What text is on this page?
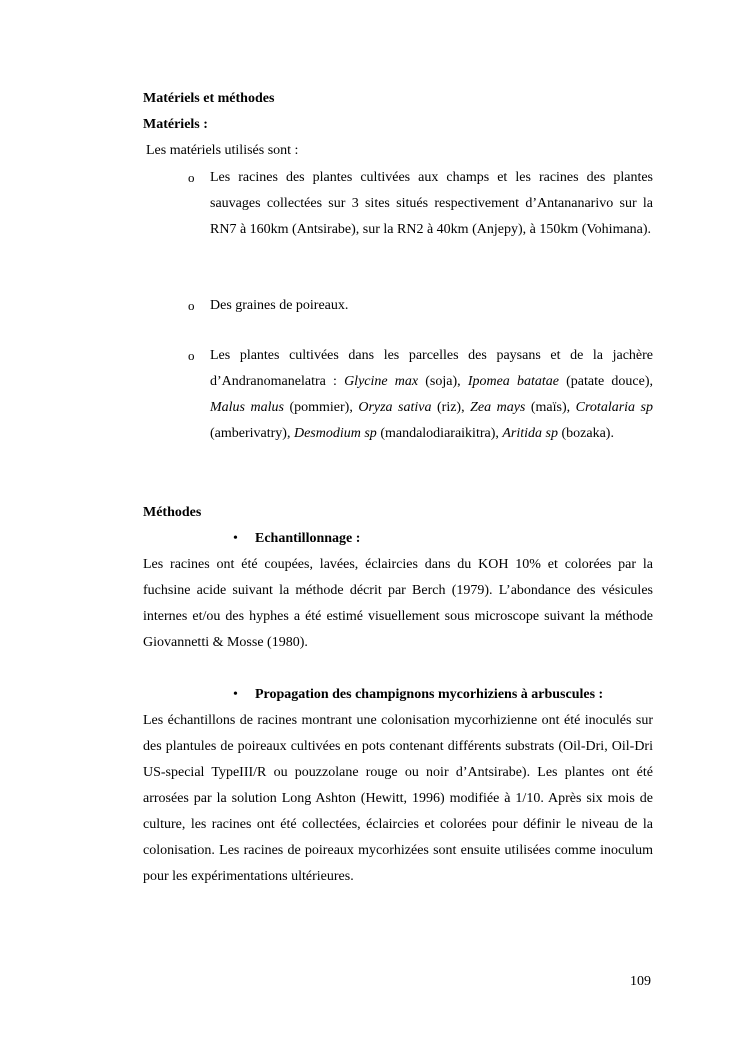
Matériels et méthodes
Matériels :
Les matériels utilisés sont :
o Les racines des plantes cultivées aux champs et les racines des plantes sauvages collectées sur 3 sites situés respectivement d’Antananarivo sur la RN7 à 160km (Antsirabe), sur la RN2 à 40km (Anjepy), à 150km (Vohimana).
o Des graines de poireaux.
o Les plantes cultivées dans les parcelles des paysans et de la jachère d’Andranomanelatra : Glycine max (soja), Ipomea batatae (patate douce), Malus malus (pommier), Oryza sativa (riz), Zea mays (maïs), Crotalaria sp (amberivatry), Desmodium sp (mandalodiaraikitra), Aritida sp (bozaka).
Méthodes
• Echantillonnage :
Les racines ont été coupées, lavées, éclaircies dans du KOH 10% et colorées par la fuchsine acide suivant la méthode décrit par Berch (1979). L’abondance des vésicules internes et/ou des hyphes a été estimé visuellement sous microscope suivant la méthode Giovannetti & Mosse (1980).
• Propagation des champignons mycorhiziens à arbuscules :
Les échantillons de racines montrant une colonisation mycorhizienne ont été inoculés sur des plantules de poireaux cultivées en pots contenant différents substrats (Oil-Dri, Oil-Dri US-special TypeIII/R ou pouzzolane rouge ou noir d’Antsirabe). Les plantes ont été arrosées par la solution Long Ashton (Hewitt, 1996) modifiée à 1/10. Après six mois de culture, les racines ont été collectées, éclaircies et colorées pour définir le niveau de la colonisation. Les racines de poireaux mycorhizées sont ensuite utilisées comme inoculum pour les expérimentations ultérieures.
109
